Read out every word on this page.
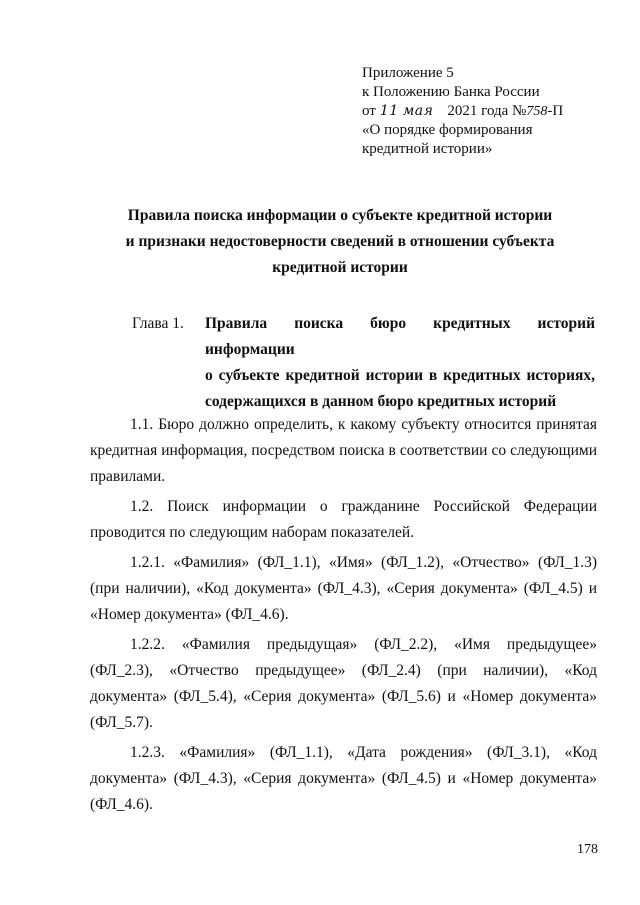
Приложение 5
к Положению Банка России
от 11 мая 2021 года №758-П
«О порядке формирования
кредитной истории»
Правила поиска информации о субъекте кредитной истории
и признаки недостоверности сведений в отношении субъекта
кредитной истории
Глава 1. Правила поиска бюро кредитных историй информации
о субъекте кредитной истории в кредитных историях,
содержащихся в данном бюро кредитных историй

1.1. Бюро должно определить, к какому субъекту относится принятая кредитная информация, посредством поиска в соответствии со следующими правилами.

1.2. Поиск информации о гражданине Российской Федерации проводится по следующим наборам показателей.

1.2.1. «Фамилия» (ФЛ_1.1), «Имя» (ФЛ_1.2), «Отчество» (ФЛ_1.3) (при наличии), «Код документа» (ФЛ_4.3), «Серия документа» (ФЛ_4.5) и «Номер документа» (ФЛ_4.6).

1.2.2. «Фамилия предыдущая» (ФЛ_2.2), «Имя предыдущее» (ФЛ_2.3), «Отчество предыдущее» (ФЛ_2.4) (при наличии), «Код документа» (ФЛ_5.4), «Серия документа» (ФЛ_5.6) и «Номер документа» (ФЛ_5.7).

1.2.3. «Фамилия» (ФЛ_1.1), «Дата рождения» (ФЛ_3.1), «Код документа» (ФЛ_4.3), «Серия документа» (ФЛ_4.5) и «Номер документа» (ФЛ_4.6).

178
